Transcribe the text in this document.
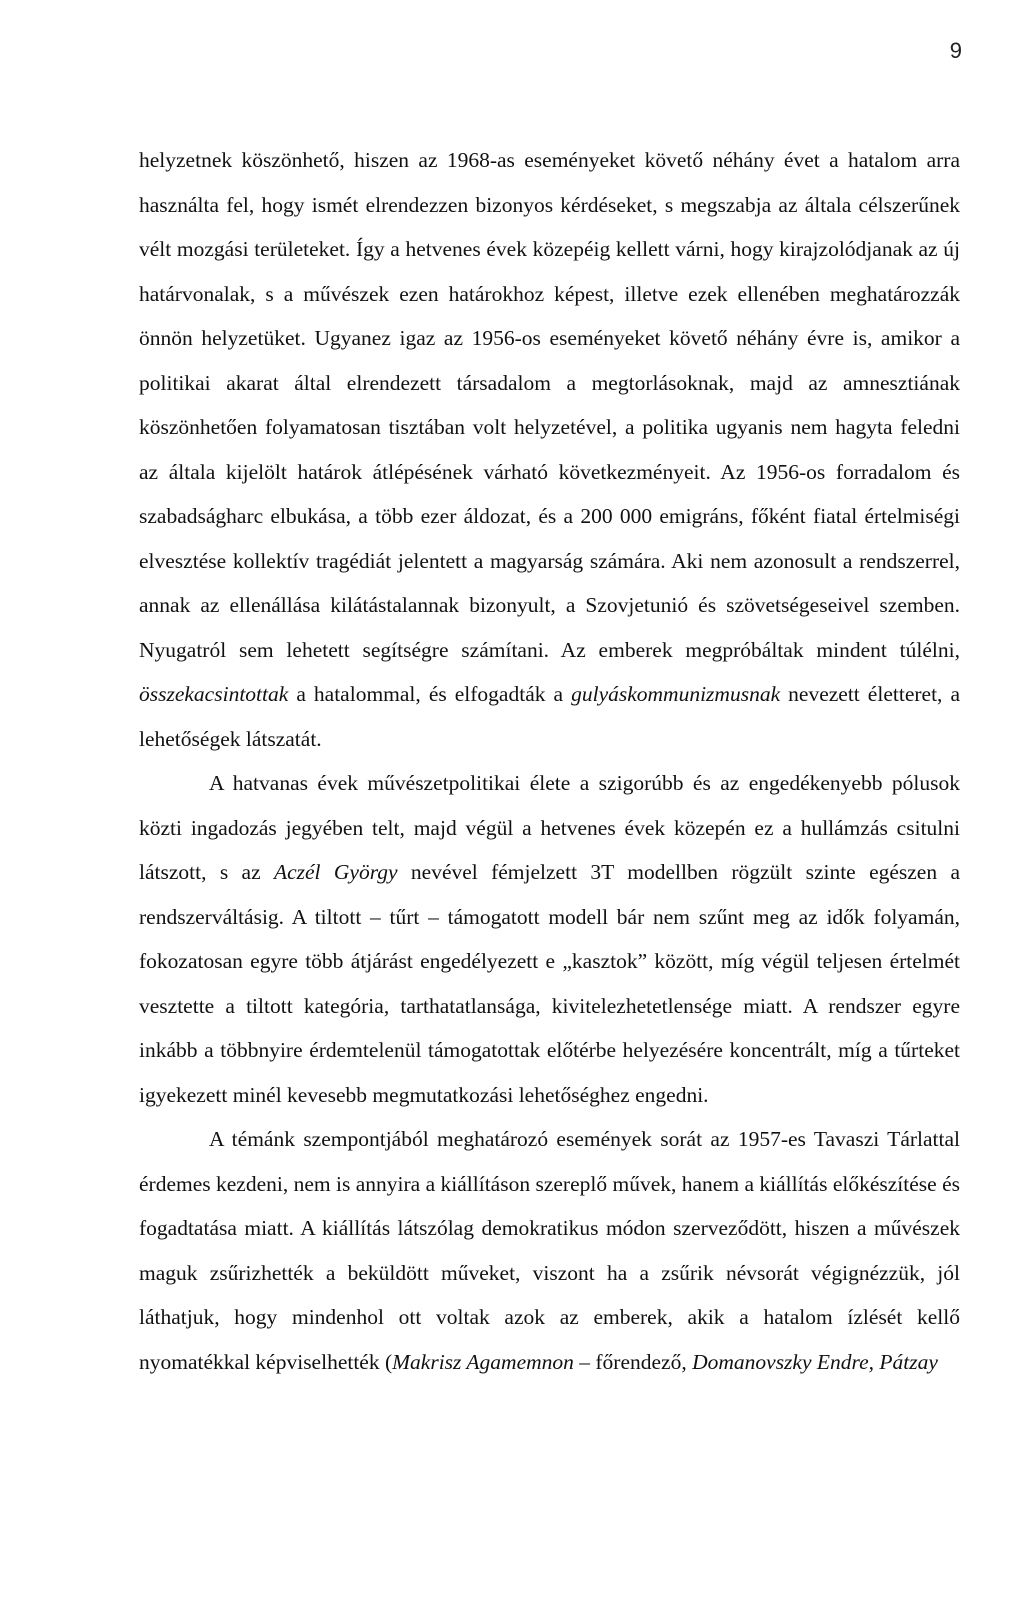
9

helyzetnek köszönhető, hiszen az 1968-as eseményeket követő néhány évet a hatalom arra használta fel, hogy ismét elrendezzen bizonyos kérdéseket, s megszabja az általa célszerűnek vélt mozgási területeket. Így a hetvenes évek közepéig kellett várni, hogy kirajzolódjanak az új határvonalak, s a művészek ezen határokhoz képest, illetve ezek ellenében meghatározzák önnön helyzetüket. Ugyanez igaz az 1956-os eseményeket követő néhány évre is, amikor a politikai akarat által elrendezett társadalom a megtorlásoknak, majd az amnesztiának köszönhetően folyamatosan tisztában volt helyzetével, a politika ugyanis nem hagyta feledni az általa kijelölt határok átlépésének várható következményeit. Az 1956-os forradalom és szabadságharc elbukása, a több ezer áldozat, és a 200 000 emigráns, főként fiatal értelmiségi elvesztése kollektív tragédiát jelentett a magyarság számára. Aki nem azonosult a rendszerrel, annak az ellenállása kilátástalannak bizonyult, a Szovjetunió és szövetségeseivel szemben. Nyugatról sem lehetett segítségre számítani. Az emberek megpróbáltak mindent túlélni, összekacsintottak a hatalommal, és elfogadták a gulyáskommunizmusnak nevezett életteret, a lehetőségek látszatát.

A hatvanas évek művészetpolitikai élete a szigorúbb és az engedékenyebb pólusok közti ingadozás jegyében telt, majd végül a hetvenes évek közepén ez a hullámzás csitulni látszott, s az Aczél György nevével fémjelzett 3T modellben rögzült szinte egészen a rendszerváltásig. A tiltott – tűrt – támogatott modell bár nem szűnt meg az idők folyamán, fokozatosan egyre több átjárást engedélyezett e „kasztok” között, míg végül teljesen értelmét vesztette a tiltott kategória, tarthatatlansága, kivitelezhetetlensége miatt. A rendszer egyre inkább a többnyire érdemtelenül támogatottak előtérbe helyezésére koncentrált, míg a tűrteket igyekezett minél kevesebb megmutatkozási lehetőséghez engedni.

A témánk szempontjából meghatározó események sorát az 1957-es Tavaszi Tárlattal érdemes kezdeni, nem is annyira a kiállításon szereplő művek, hanem a kiállítás előkészítése és fogadtatása miatt. A kiállítás látszólag demokratikus módon szerveződött, hiszen a művészek maguk zsűrizhették a beküldött műveket, viszont ha a zsűrik névsorát végignézzük, jól láthatjuk, hogy mindenhol ott voltak azok az emberek, akik a hatalom ízlését kellő nyomatékkal képviselhették (Makrisz Agamemnon – főrendező, Domanovszky Endre, Pátzay
